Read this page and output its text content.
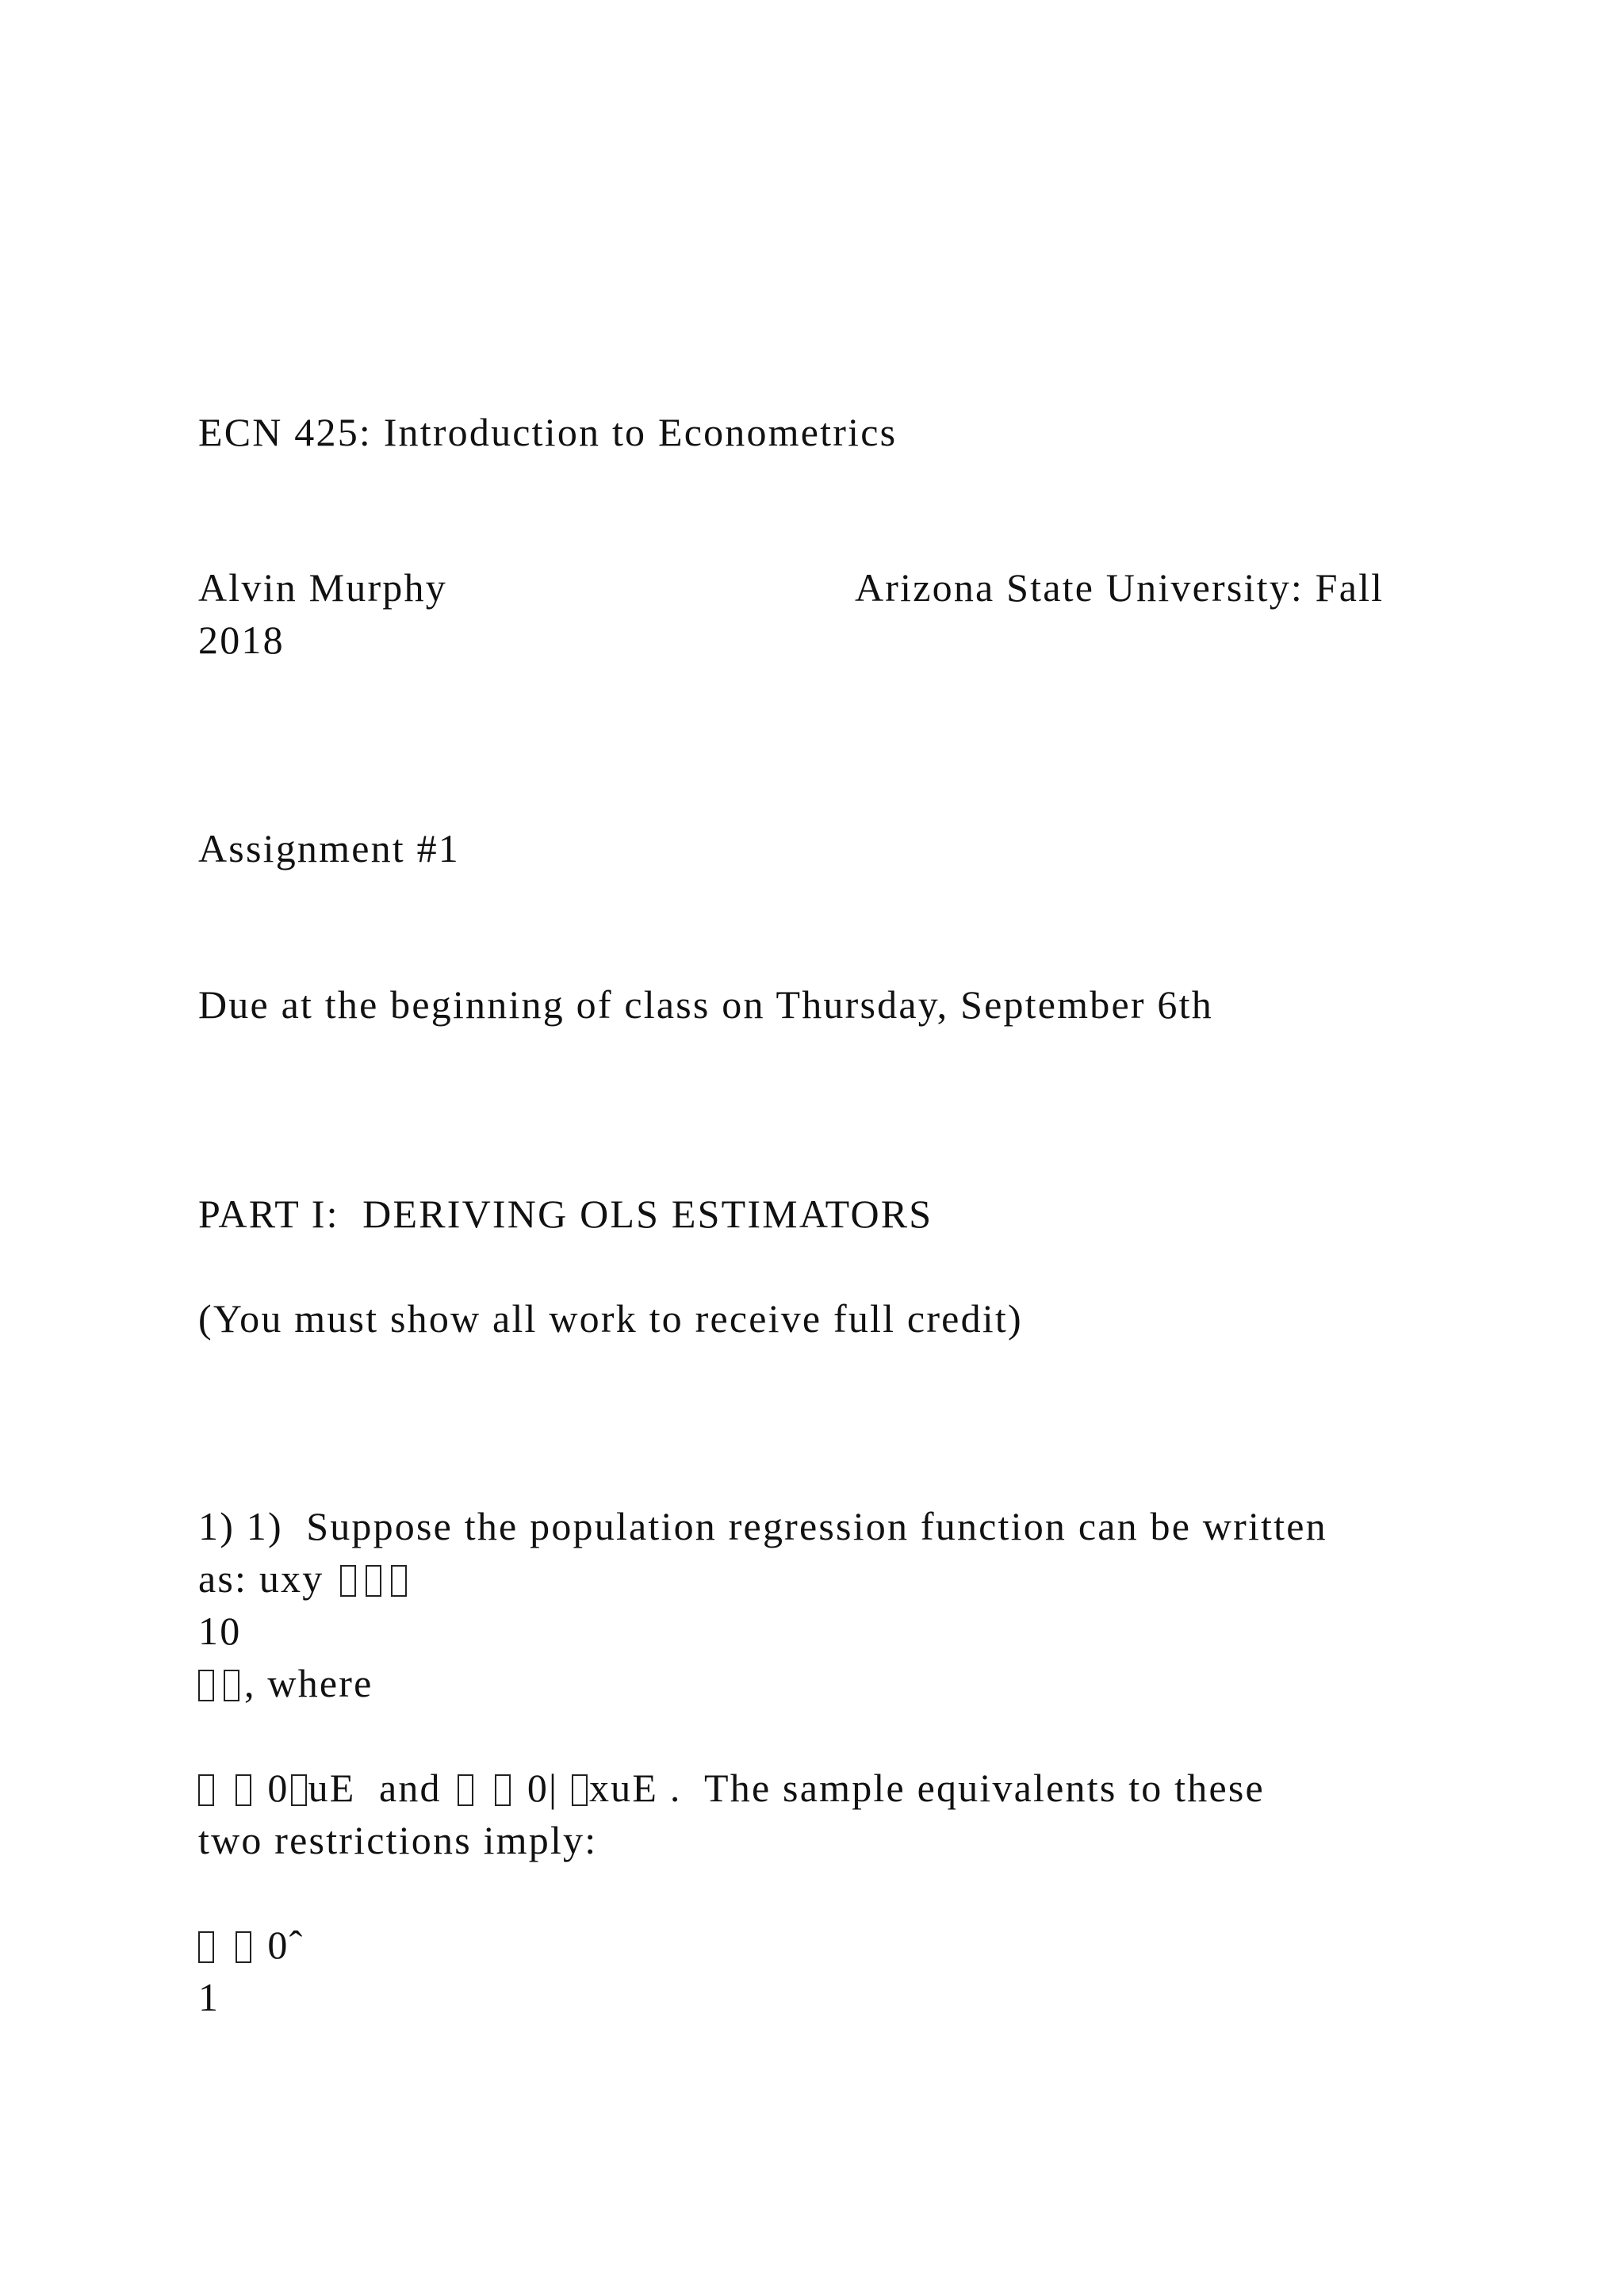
ECN 425: Introduction to Econometrics
Alvin Murphy	Arizona State University: Fall
2018
Assignment #1
Due at the beginning of class on Thursday, September 6th
PART I:  DERIVING OLS ESTIMATORS
(You must show all work to receive full credit)
1) 1)  Suppose the population regression function can be written
as: uxy
10
, where
0 uE  and 0| xuE .  The sample equivalents to these
two restrictions imply:
0ˆ
1
